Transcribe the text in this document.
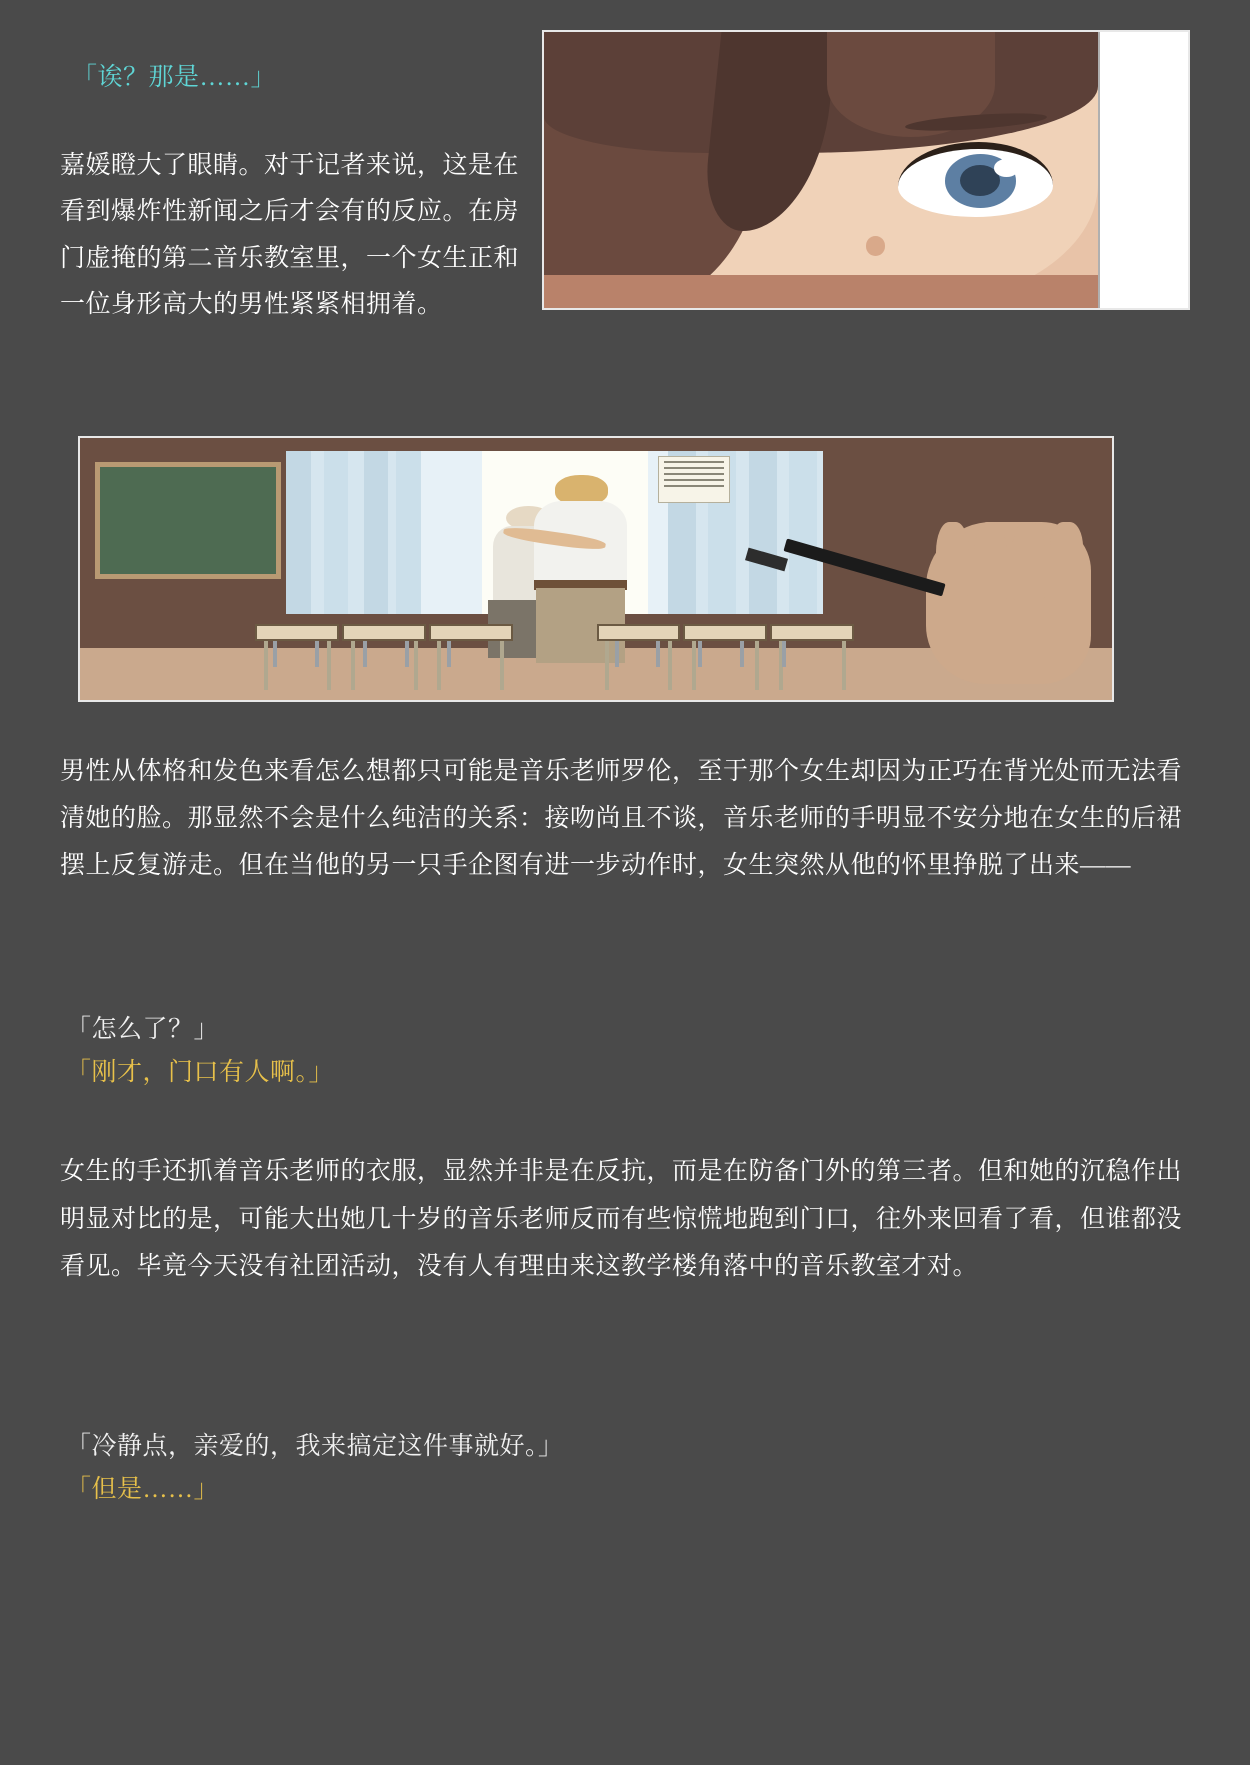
「诶？那是……」

嘉媛瞪大了眼睛。对于记者来说，这是在看到爆炸性新闻之后才会有的反应。在房门虚掩的第二音乐教室里，一个女生正和一位身形高大的男性紧紧相拥着。

男性从体格和发色来看怎么想都只可能是音乐老师罗伦，至于那个女生却因为正巧在背光处而无法看清她的脸。那显然不会是什么纯洁的关系：接吻尚且不谈，音乐老师的手明显不安分地在女生的后裙摆上反复游走。但在当他的另一只手企图有进一步动作时，女生突然从他的怀里挣脱了出来——

「怎么了？」

「刚才，门口有人啊。」

女生的手还抓着音乐老师的衣服，显然并非是在反抗，而是在防备门外的第三者。但和她的沉稳作出明显对比的是，可能大出她几十岁的音乐老师反而有些惊慌地跑到门口，往外来回看了看，但谁都没看见。毕竟今天没有社团活动，没有人有理由来这教学楼角落中的音乐教室才对。

「冷静点，亲爱的，我来搞定这件事就好。」

「但是……」
